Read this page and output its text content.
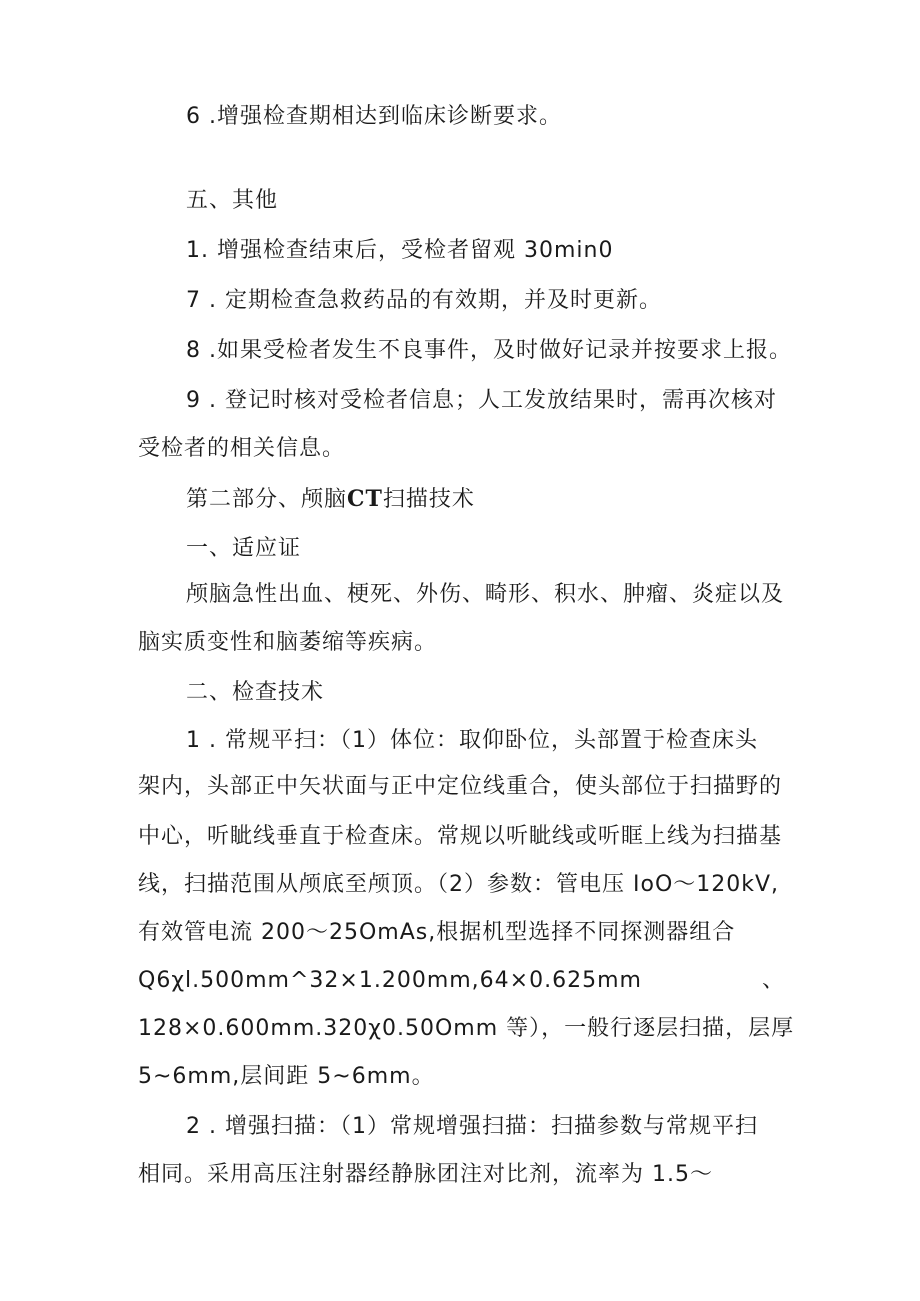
6 .增强检查期相达到临床诊断要求。
五、其他
1. 增强检查结束后，受检者留观 30min0
7 . 定期检查急救药品的有效期，并及时更新。
8 .如果受检者发生不良事件，及时做好记录并按要求上报。
9 . 登记时核对受检者信息；人工发放结果时，需再次核对
受检者的相关信息。
第二部分、颅脑CT扫描技术
一、适应证
颅脑急性出血、梗死、外伤、畸形、积水、肿瘤、炎症以及
脑实质变性和脑萎缩等疾病。
二、检查技术
1 . 常规平扫：（1）体位：取仰卧位，头部置于检查床头
架内，头部正中矢状面与正中定位线重合，使头部位于扫描野的
中心，听眦线垂直于检查床。常规以听眦线或听眶上线为扫描基
线，扫描范围从颅底至颅顶。（2）参数：管电压 IoO～120kV,
有效管电流 200～25OmAs,根据机型选择不同探测器组合
Q6χl.500mm^32×1.200mm,64×0.625mm	、
128×0.600mm.320χ0.50Omm 等），一般行逐层扫描，层厚
5~6mm,层间距 5~6mm。
2 . 增强扫描：（1）常规增强扫描：扫描参数与常规平扫
相同。采用高压注射器经静脉团注对比剂，流率为 1.5～
